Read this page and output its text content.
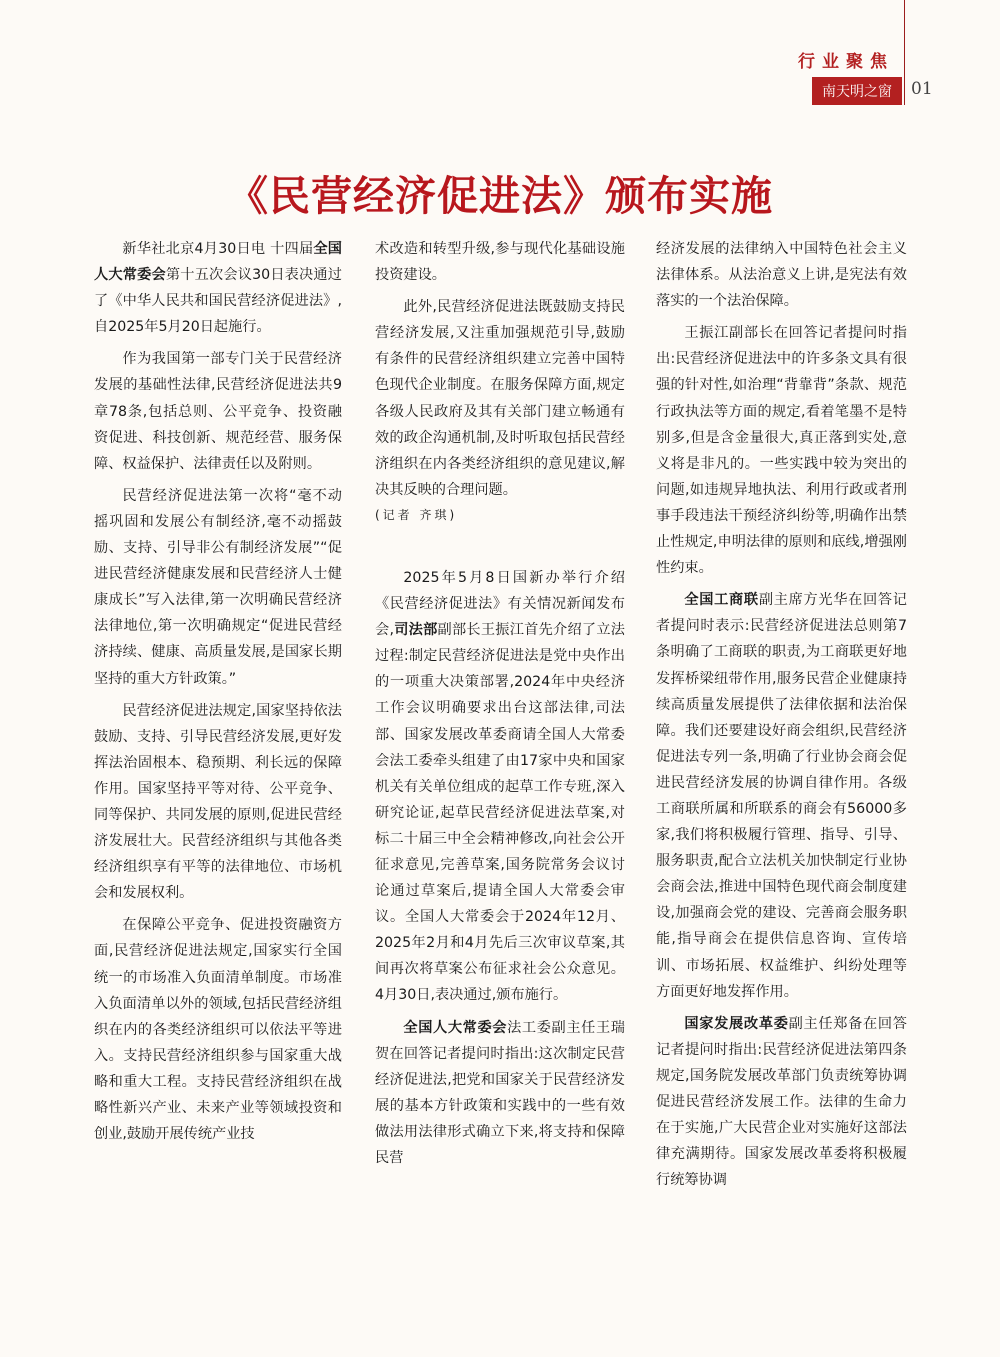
行业聚焦
南天明之窗	01
《民营经济促进法》颁布实施

新华社北京4月30日电 十四届全国人大常委会第十五次会议30日表决通过了《中华人民共和国民营经济促进法》,自2025年5月20日起施行。

作为我国第一部专门关于民营经济发展的基础性法律,民营经济促进法共9章78条,包括总则、公平竞争、投资融资促进、科技创新、规范经营、服务保障、权益保护、法律责任以及附则。

民营经济促进法第一次将“毫不动摇巩固和发展公有制经济,毫不动摇鼓励、支持、引导非公有制经济发展”“促进民营经济健康发展和民营经济人士健康成长”写入法律,第一次明确民营经济法律地位,第一次明确规定“促进民营经济持续、健康、高质量发展,是国家长期坚持的重大方针政策。”

民营经济促进法规定,国家坚持依法鼓励、支持、引导民营经济发展,更好发挥法治固根本、稳预期、利长远的保障作用。国家坚持平等对待、公平竞争、同等保护、共同发展的原则,促进民营经济发展壮大。民营经济组织与其他各类经济组织享有平等的法律地位、市场机会和发展权利。

在保障公平竞争、促进投资融资方面,民营经济促进法规定,国家实行全国统一的市场准入负面清单制度。市场准入负面清单以外的领域,包括民营经济组织在内的各类经济组织可以依法平等进入。支持民营经济组织参与国家重大战略和重大工程。支持民营经济组织在战略性新兴产业、未来产业等领域投资和创业,鼓励开展传统产业技

术改造和转型升级,参与现代化基础设施投资建设。

此外,民营经济促进法既鼓励支持民营经济发展,又注重加强规范引导,鼓励有条件的民营经济组织建立完善中国特色现代企业制度。在服务保障方面,规定各级人民政府及其有关部门建立畅通有效的政企沟通机制,及时听取包括民营经济组织在内各类经济组织的意见建议,解决其反映的合理问题。
(记者 齐琪)

2025年5月8日国新办举行介绍《民营经济促进法》有关情况新闻发布会,司法部副部长王振江首先介绍了立法过程:制定民营经济促进法是党中央作出的一项重大决策部署,2024年中央经济工作会议明确要求出台这部法律,司法部、国家发展改革委商请全国人大常委会法工委牵头组建了由17家中央和国家机关有关单位组成的起草工作专班,深入研究论证,起草民营经济促进法草案,对标二十届三中全会精神修改,向社会公开征求意见,完善草案,国务院常务会议讨论通过草案后,提请全国人大常委会审议。全国人大常委会于2024年12月、2025年2月和4月先后三次审议草案,其间再次将草案公布征求社会公众意见。4月30日,表决通过,颁布施行。

全国人大常委会法工委副主任王瑞贺在回答记者提问时指出:这次制定民营经济促进法,把党和国家关于民营经济发展的基本方针政策和实践中的一些有效做法用法律形式确立下来,将支持和保障民营

经济发展的法律纳入中国特色社会主义法律体系。从法治意义上讲,是宪法有效落实的一个法治保障。

王振江副部长在回答记者提问时指出:民营经济促进法中的许多条文具有很强的针对性,如治理“背靠背”条款、规范行政执法等方面的规定,看着笔墨不是特别多,但是含金量很大,真正落到实处,意义将是非凡的。一些实践中较为突出的问题,如违规异地执法、利用行政或者刑事手段违法干预经济纠纷等,明确作出禁止性规定,申明法律的原则和底线,增强刚性约束。

全国工商联副主席方光华在回答记者提问时表示:民营经济促进法总则第7条明确了工商联的职责,为工商联更好地发挥桥梁纽带作用,服务民营企业健康持续高质量发展提供了法律依据和法治保障。我们还要建设好商会组织,民营经济促进法专列一条,明确了行业协会商会促进民营经济发展的协调自律作用。各级工商联所属和所联系的商会有56000多家,我们将积极履行管理、指导、引导、服务职责,配合立法机关加快制定行业协会商会法,推进中国特色现代商会制度建设,加强商会党的建设、完善商会服务职能,指导商会在提供信息咨询、宣传培训、市场拓展、权益维护、纠纷处理等方面更好地发挥作用。

国家发展改革委副主任郑备在回答记者提问时指出:民营经济促进法第四条规定,国务院发展改革部门负责统筹协调促进民营经济发展工作。法律的生命力在于实施,广大民营企业对实施好这部法律充满期待。国家发展改革委将积极履行统筹协调
